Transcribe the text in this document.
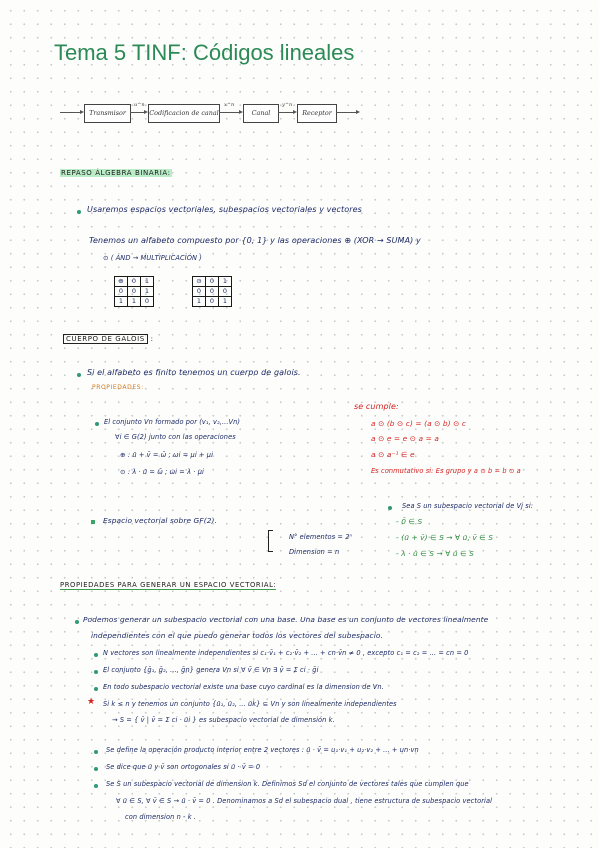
Tema 5 TINF: Códigos lineales
Transmisor
u^n
Codificacion de canal
x^n
Canal
y^n
Receptor
REPASO ÁLGEBRA BINARIA:
Usaremos espacios vectoriales, subespacios vectoriales y vectores
Tenemos un alfabeto compuesto por {0, 1} y las operaciones ⊕ (XOR → SUMA) y
⊙ ( AND → MULTIPLICACIÓN )
⊕	0	1
0	0	1
1	1	0
⊙	0	1
0	0	0
1	0	1
CUERPO DE GALOIS :
Si el alfabeto es finito tenemos un cuerpo de galois.
PROPIEDADES:
El conjunto Vn formado por (v₁, v₂,...Vn)
∀i ∈ G(2) junto con las operaciones
⊕ : ū + v̄ = ω̄ ; ωi = μi + μi
⊙ : λ · ū = ω̄ ; ωi = λ · μi
se cumple:
a ⊙ (b ⊙ c) = (a ⊙ b) ⊙ c
a ⊙ e = e ⊙ a = a
a ⊙ a⁻¹ ∈ e
Es conmutativo si: Es grupo y a ⊙ b = b ⊙ a
Sea S un subespacio vectorial de Vj si:
- 0̄ ∈ S
- (ū + v̄) ∈ S → ∀ ū, v̄ ∈ S
- λ · ū ∈ S → ∀ ū ∈ S
Espacio vectorial sobre GF(2).
N° elementos = 2ⁿ
Dimension = n
PROPIEDADES PARA GENERAR UN ESPACIO VECTORIAL:
Podemos generar un subespacio vectorial con una base. Una base es un conjunto de vectores linealmente
independientes con el que puedo generar todos los vectores del subespacio.
N vectores son linealmente independientes si c₁·v̄₁ + c₂·v̄₂ + ... + cn·v̄n ≠ 0 , excepto c₁ = c₂ = ... = cn = 0
El conjunto {ḡ₁, ḡ₂, ..., ḡn} genera Vn si ∀ v̄ ∈ Vn ∃ v̄ = Σ ci · ḡi
En todo subespacio vectorial existe una base cuyo cardinal es la dimension de Vn.
★ Si k ≤ n y tenemos un conjunto {ū₁, ū₂, ... ūk} ⊆ Vn y son linealmente independientes
→ S = { v̄ | v̄ = Σ ci · ūi } es subespacio vectorial de dimensión k.
Se define la operación producto interior entre 2 vectores : ū · v̄ = u₁·v₁ + u₂·v₂ + ... + un·vn
Se dice que ū y v̄ son ortogonales si ū · v̄ = 0
Se S un subespacio vectorial de dimension k. Definimos Sd el conjunto de vectores tales que cumplen que
∀ ū ∈ S, ∀ v̄ ∈ S → ū · v̄ = 0 . Denominamos a Sd el subespacio dual , tiene estructura de subespacio vectorial
con dimension n - k .
